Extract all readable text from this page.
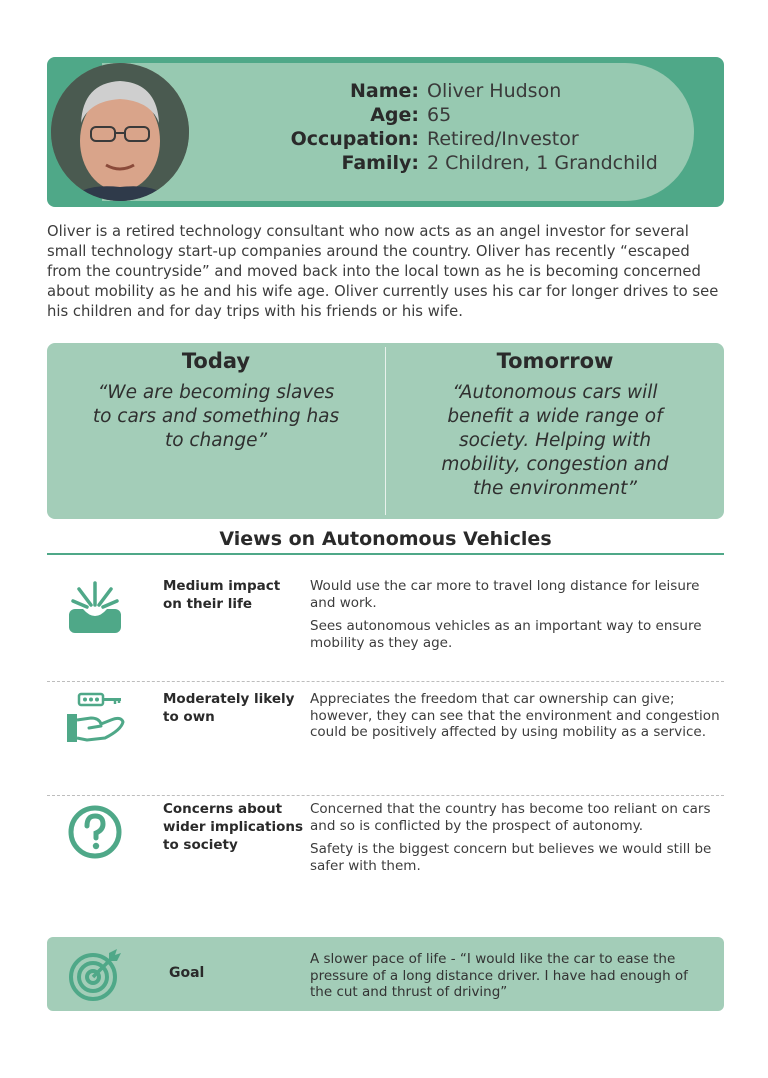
Name: Oliver Hudson
Age: 65
Occupation: Retired/Investor
Family: 2 Children, 1 Grandchild
Oliver is a retired technology consultant who now acts as an angel investor for several small technology start-up companies around the country. Oliver has recently “escaped from the countryside” and moved back into the local town as he is becoming concerned about mobility as he and his wife age. Oliver currently uses his car for longer drives to see his children and for day trips with his friends or his wife.
Today
“We are becoming slaves to cars and something has to change”
Tomorrow
“Autonomous cars will benefit a wide range of society. Helping with mobility, congestion and the environment”
Views on Autonomous Vehicles
Medium impact on their life

Would use the car more to travel long distance for leisure and work.

Sees autonomous vehicles as an important way to ensure mobility as they age.

Moderately likely to own

Appreciates the freedom that car ownership can give; however, they can see that the environment and congestion could be positively affected by using mobility as a service.

Concerns about wider implications to society

Concerned that the country has become too reliant on cars and so is conflicted by the prospect of autonomy.

Safety is the biggest concern but believes we would still be safer with them.

Goal
A slower pace of life - “I would like the car to ease the pressure of a long distance driver. I have had enough of the cut and thrust of driving”
